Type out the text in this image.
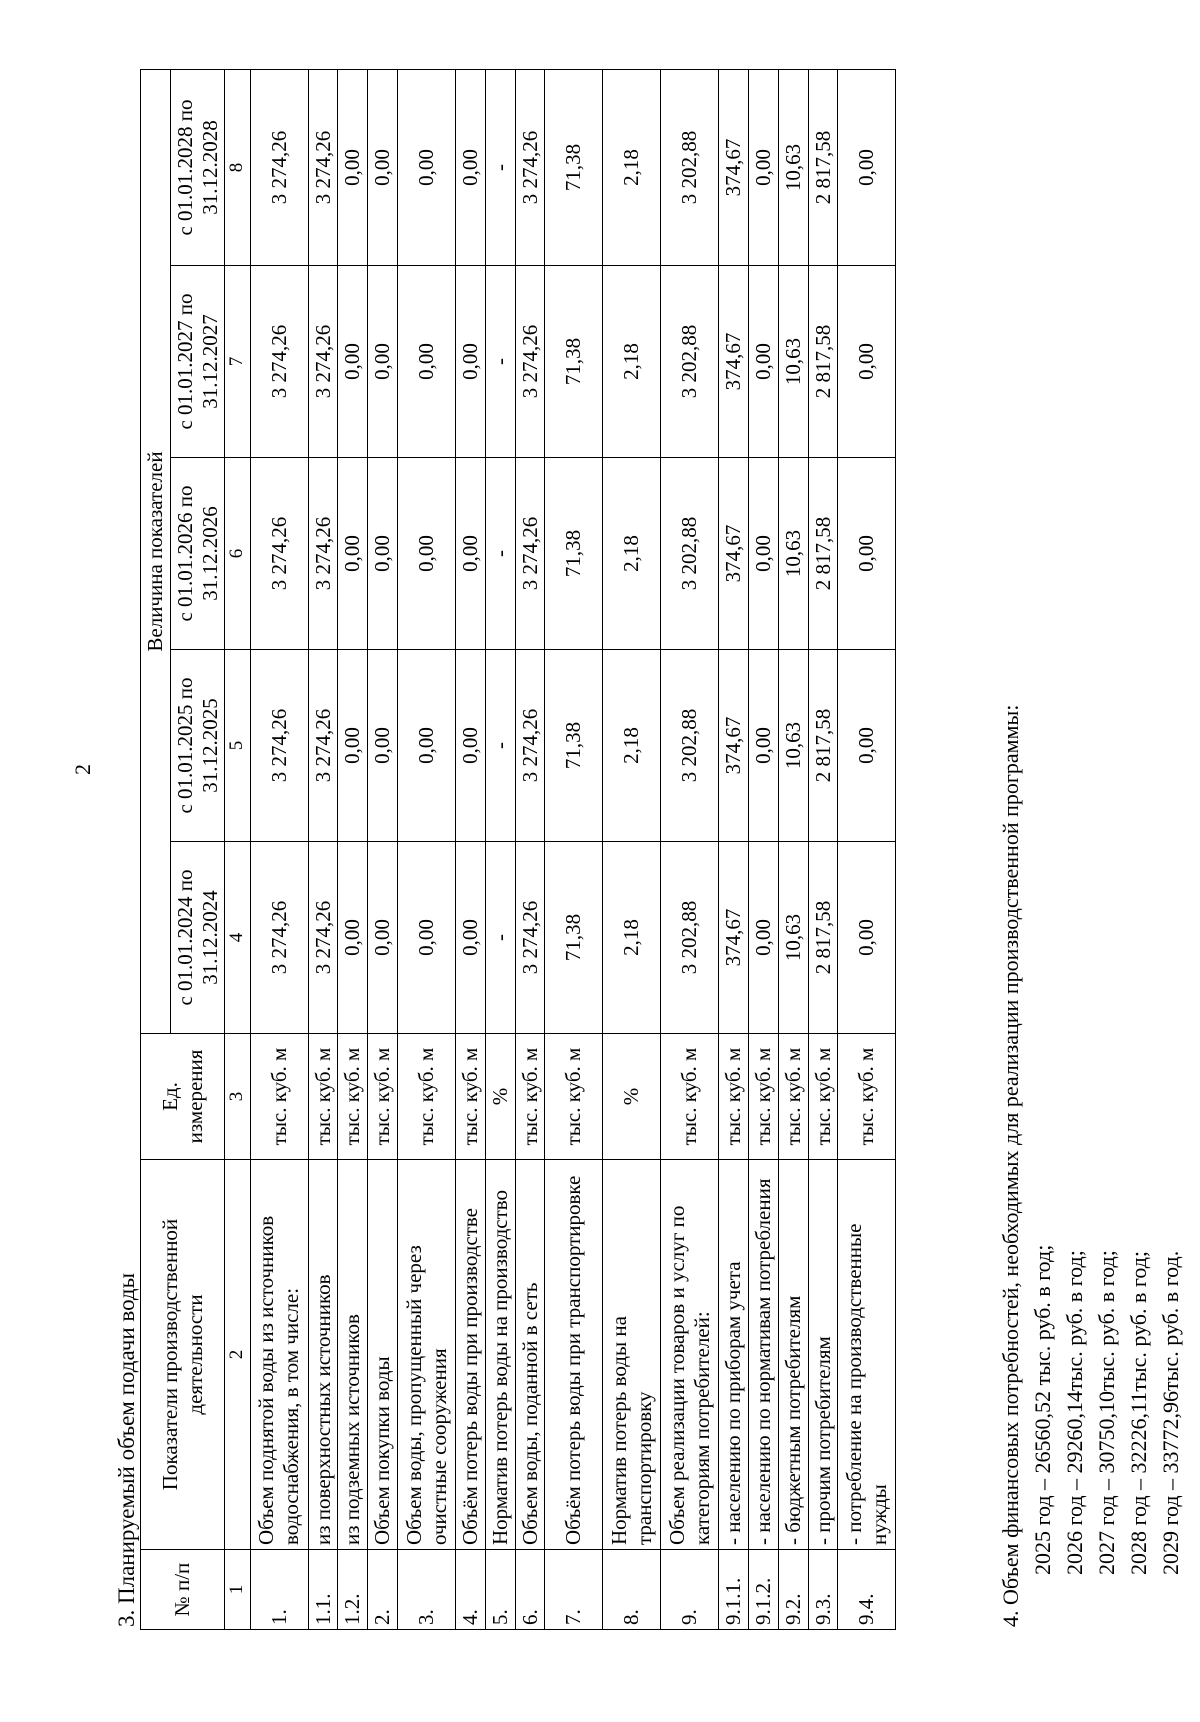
2
3. Планируемый объем подачи воды № п/п	Показатели производственной деятельности	Ед. измерения	Величина показателей				
			с 01.01.2024 по 31.12.2024	с 01.01.2025 по 31.12.2025	с 01.01.2026 по 31.12.2026	с 01.01.2027 по 31.12.2027	с 01.01.2028 по 31.12.2028
1	2	3	4	5	6	7	8
1.	Объем поднятой воды из источников водоснабжения, в том числе:	тыс. куб. м	3 274,26	3 274,26	3 274,26	3 274,26	3 274,26
1.1.	из поверхностных источников	тыс. куб. м	3 274,26	3 274,26	3 274,26	3 274,26	3 274,26
1.2.	из подземных источников	тыс. куб. м	0,00	0,00	0,00	0,00	0,00
2.	Объем покупки воды	тыс. куб. м	0,00	0,00	0,00	0,00	0,00
3.	Объем воды, пропущенный через очистные сооружения	тыс. куб. м	0,00	0,00	0,00	0,00	0,00
4.	Объём потерь воды при производстве	тыс. куб. м	0,00	0,00	0,00	0,00	0,00
5.	Норматив потерь воды на производство	%	-	-	-	-	-
6.	Объем воды, поданной в сеть	тыс. куб. м	3 274,26	3 274,26	3 274,26	3 274,26	3 274,26
7.	Объём потерь воды при транспортировке	тыс. куб. м	71,38	71,38	71,38	71,38	71,38
8.	Норматив потерь воды на транспортировку	%	2,18	2,18	2,18	2,18	2,18
9.	Объем реализации товаров и услуг по категориям потребителей:	тыс. куб. м	3 202,88	3 202,88	3 202,88	3 202,88	3 202,88
9.1.1.	- населению по приборам учета	тыс. куб. м	374,67	374,67	374,67	374,67	374,67
9.1.2.	- населению по нормативам потребления	тыс. куб. м	0,00	0,00	0,00	0,00	0,00
9.2.	- бюджетным потребителям	тыс. куб. м	10,63	10,63	10,63	10,63	10,63
9.3.	- прочим потребителям	тыс. куб. м	2 817,58	2 817,58	2 817,58	2 817,58	2 817,58
9.4.	- потребление на производственные нужды	тыс. куб. м	0,00	0,00	0,00	0,00	0,00
4. Объем финансовых потребностей, необходимых для реализации производственной программы: 2025 год – 26560,52 тыс. руб. в год; 2026 год – 29260,14тыс. руб. в год; 2027 год – 30750,10тыс. руб. в год; 2028 год – 32226,11тыс. руб. в год; 2029 год – 33772,96тыс. руб. в год.
